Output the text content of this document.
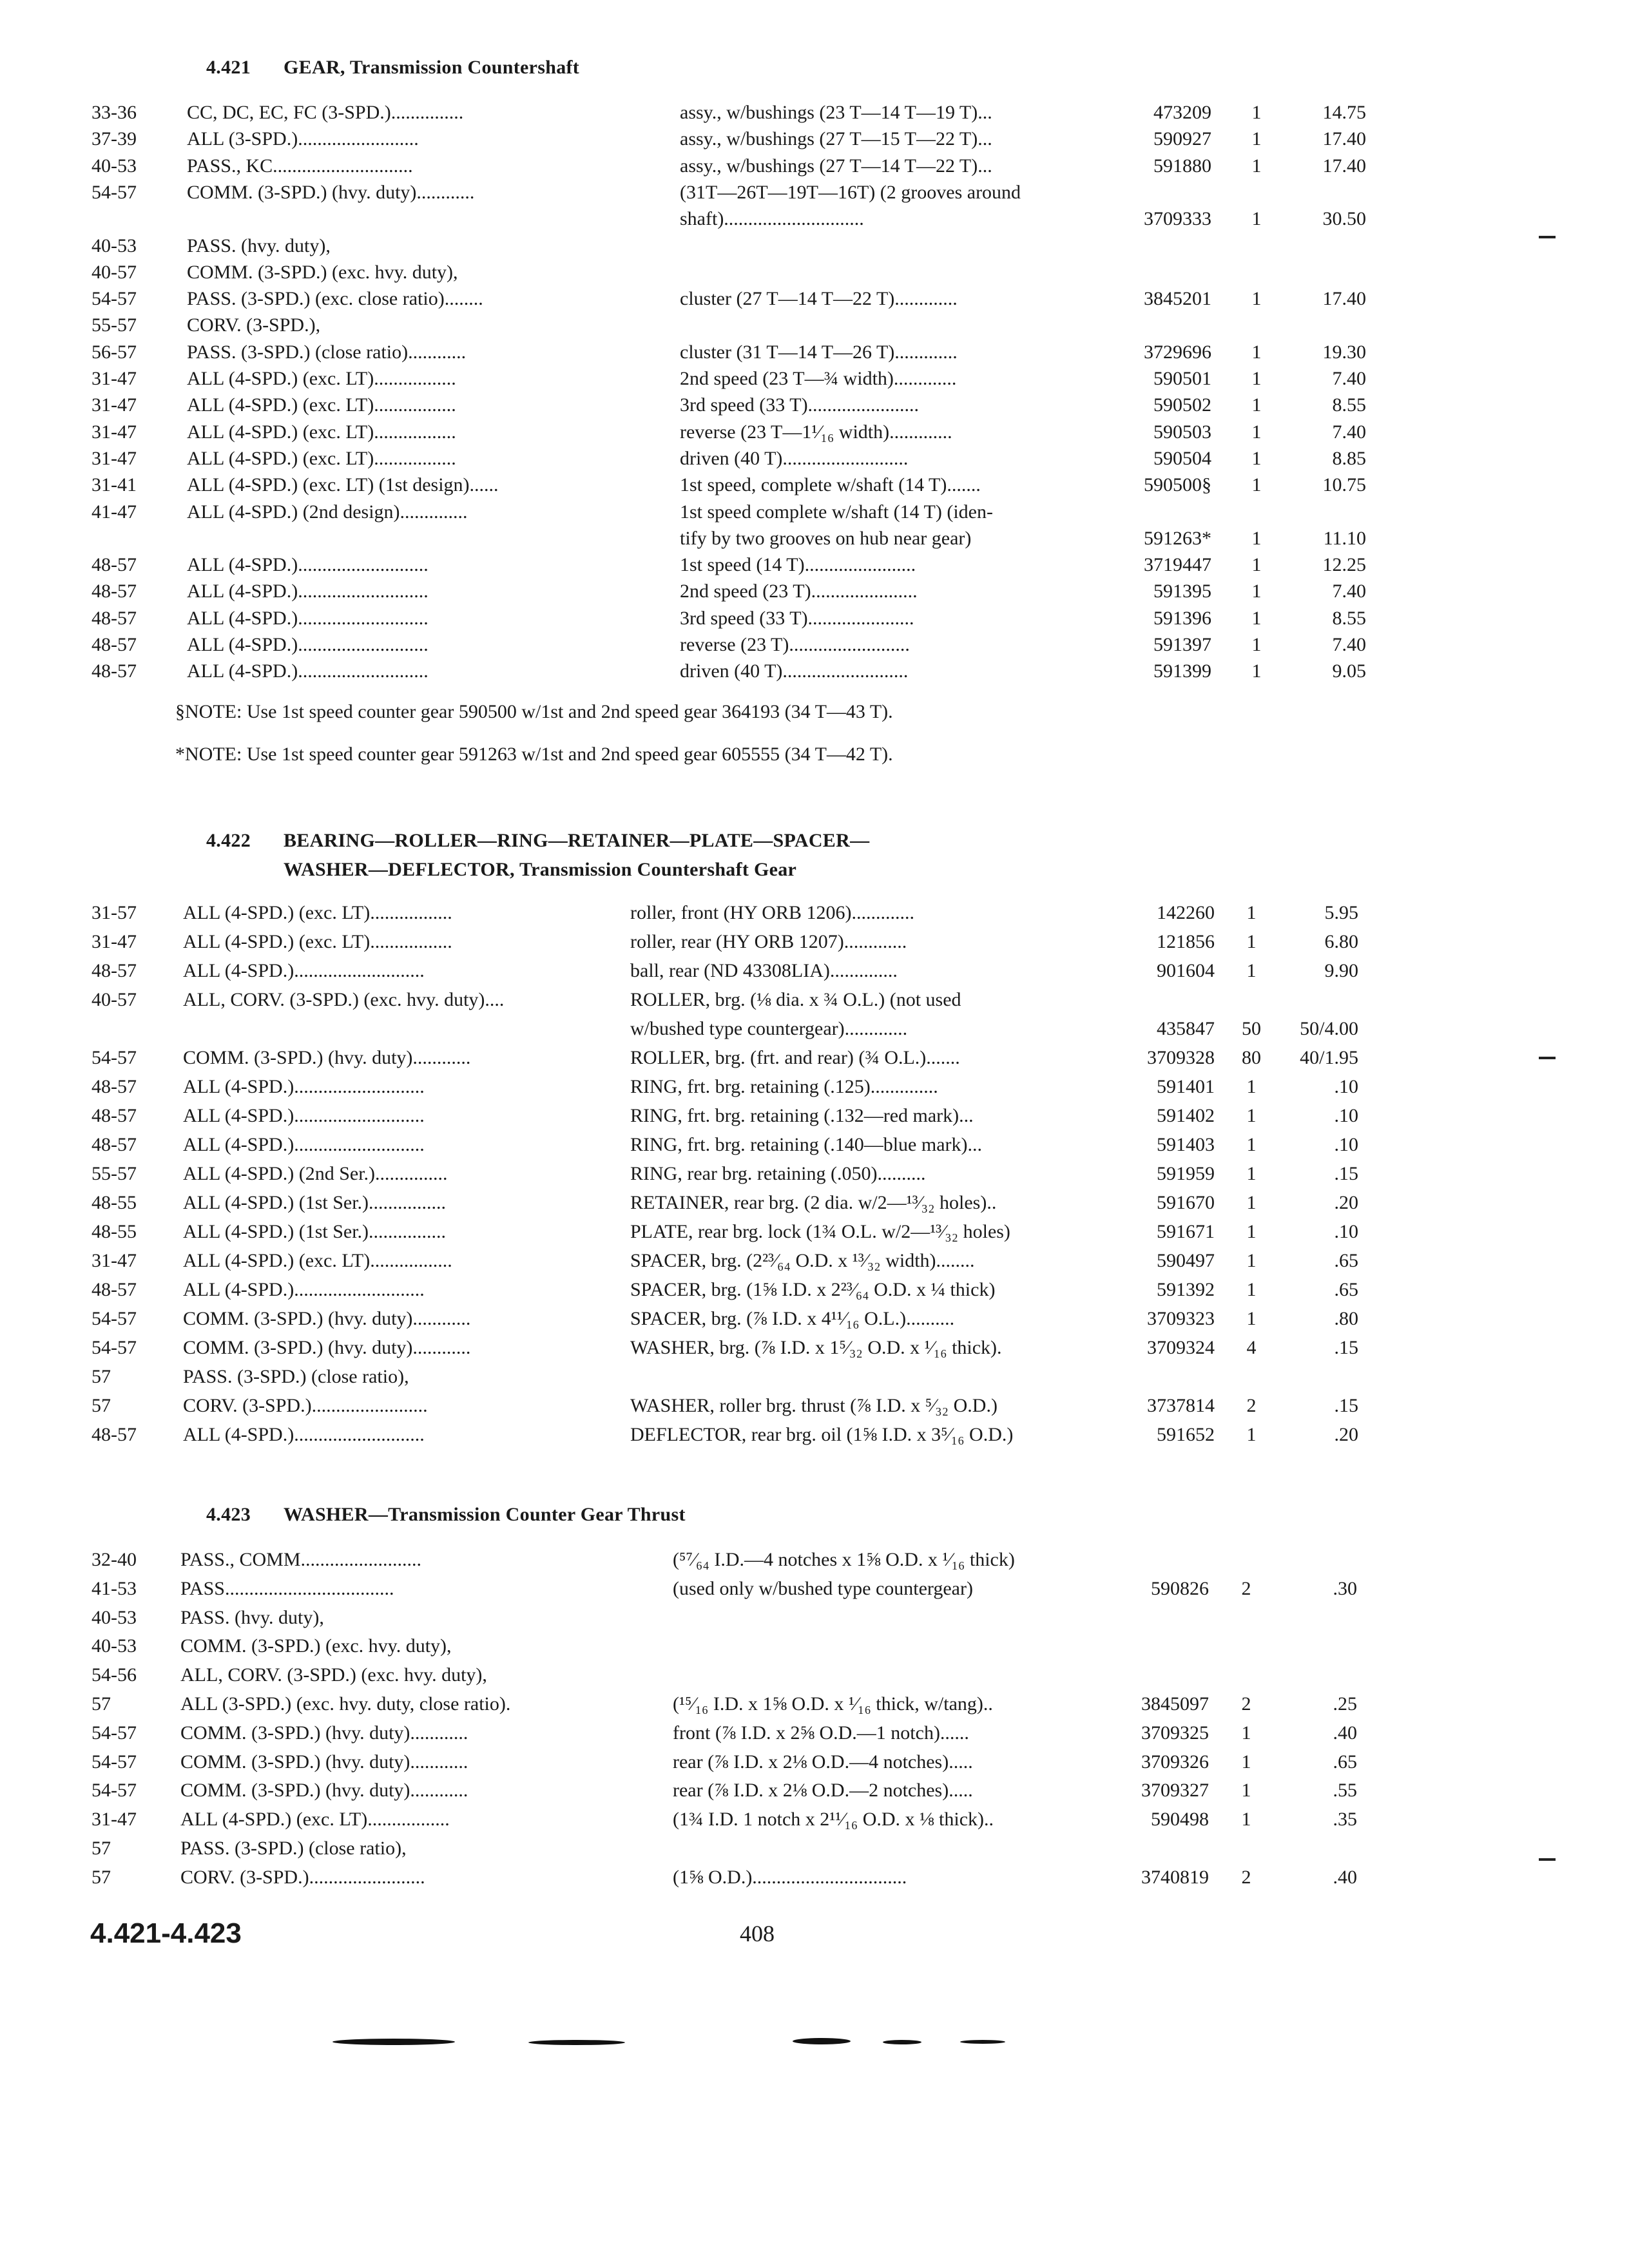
4.421 GEAR, Transmission Countershaft
33-36	CC, DC, EC, FC (3-SPD.)...............	assy., w/bushings (23 T—14 T—19 T)...	473209	1	14.75
37-39	ALL (3-SPD.).........................	assy., w/bushings (27 T—15 T—22 T)...	590927	1	17.40
40-53	PASS., KC.............................	assy., w/bushings (27 T—14 T—22 T)...	591880	1	17.40
54-57	COMM. (3-SPD.) (hvy. duty)............	(31T—26T—19T—16T) (2 grooves around
shaft).............................	3709333	1	30.50
40-53	PASS. (hvy. duty),
40-57	COMM. (3-SPD.) (exc. hvy. duty),
54-57	PASS. (3-SPD.) (exc. close ratio)........	cluster (27 T—14 T—22 T).............	3845201	1	17.40
55-57	CORV. (3-SPD.),
56-57	PASS. (3-SPD.) (close ratio)............	cluster (31 T—14 T—26 T).............	3729696	1	19.30
31-47	ALL (4-SPD.) (exc. LT).................	2nd speed (23 T—¾ width).............	590501	1	7.40
31-47	ALL (4-SPD.) (exc. LT).................	3rd speed (33 T).......................	590502	1	8.55
31-47	ALL (4-SPD.) (exc. LT).................	reverse (23 T—1¹⁄₁₆ width).............	590503	1	7.40
31-47	ALL (4-SPD.) (exc. LT).................	driven (40 T)..........................	590504	1	8.85
31-41	ALL (4-SPD.) (exc. LT) (1st design)......	1st speed, complete w/shaft (14 T).......	590500§	1	10.75
41-47	ALL (4-SPD.) (2nd design)..............	1st speed complete w/shaft (14 T) (iden-
tify by two grooves on hub near gear)	591263*	1	11.10
48-57	ALL (4-SPD.)...........................	1st speed (14 T).......................	3719447	1	12.25
48-57	ALL (4-SPD.)...........................	2nd speed (23 T)......................	591395	1	7.40
48-57	ALL (4-SPD.)...........................	3rd speed (33 T)......................	591396	1	8.55
48-57	ALL (4-SPD.)...........................	reverse (23 T).........................	591397	1	7.40
48-57	ALL (4-SPD.)...........................	driven (40 T)..........................	591399	1	9.05
§NOTE: Use 1st speed counter gear 590500 w/1st and 2nd speed gear 364193 (34 T—43 T).
*NOTE: Use 1st speed counter gear 591263 w/1st and 2nd speed gear 605555 (34 T—42 T).
4.422 BEARING—ROLLER—RING—RETAINER—PLATE—SPACER—
WASHER—DEFLECTOR, Transmission Countershaft Gear
31-57	ALL (4-SPD.) (exc. LT).................	roller, front (HY ORB 1206).............	142260	1	5.95
31-47	ALL (4-SPD.) (exc. LT).................	roller, rear (HY ORB 1207).............	121856	1	6.80
48-57	ALL (4-SPD.)...........................	ball, rear (ND 43308LIA)..............	901604	1	9.90
40-57	ALL, CORV. (3-SPD.) (exc. hvy. duty)....	ROLLER, brg. (⅛ dia. x ¾ O.L.) (not used
w/bushed type countergear).............	435847	50	50/4.00
54-57	COMM. (3-SPD.) (hvy. duty)............	ROLLER, brg. (frt. and rear) (¾ O.L.).......	3709328	80	40/1.95
48-57	ALL (4-SPD.)...........................	RING, frt. brg. retaining (.125)..............	591401	1	.10
48-57	ALL (4-SPD.)...........................	RING, frt. brg. retaining (.132—red mark)...	591402	1	.10
48-57	ALL (4-SPD.)...........................	RING, frt. brg. retaining (.140—blue mark)...	591403	1	.10
55-57	ALL (4-SPD.) (2nd Ser.)...............	RING, rear brg. retaining (.050)..........	591959	1	.15
48-55	ALL (4-SPD.) (1st Ser.)................	RETAINER, rear brg. (2 dia. w/2—¹³⁄₃₂ holes)..	591670	1	.20
48-55	ALL (4-SPD.) (1st Ser.)................	PLATE, rear brg. lock (1¾ O.L. w/2—¹³⁄₃₂ holes)	591671	1	.10
31-47	ALL (4-SPD.) (exc. LT).................	SPACER, brg. (2²³⁄₆₄ O.D. x ¹³⁄₃₂ width)........	590497	1	.65
48-57	ALL (4-SPD.)...........................	SPACER, brg. (1⅝ I.D. x 2²³⁄₆₄ O.D. x ¼ thick)	591392	1	.65
54-57	COMM. (3-SPD.) (hvy. duty)............	SPACER, brg. (⅞ I.D. x 4¹¹⁄₁₆ O.L.)..........	3709323	1	.80
54-57	COMM. (3-SPD.) (hvy. duty)............	WASHER, brg. (⅞ I.D. x 1⁵⁄₃₂ O.D. x ¹⁄₁₆ thick).	3709324	4	.15
57	PASS. (3-SPD.) (close ratio),
57	CORV. (3-SPD.)........................	WASHER, roller brg. thrust (⅞ I.D. x ⁵⁄₃₂ O.D.)	3737814	2	.15
48-57	ALL (4-SPD.)...........................	DEFLECTOR, rear brg. oil (1⅝ I.D. x 3⁵⁄₁₆ O.D.)	591652	1	.20
4.423 WASHER—Transmission Counter Gear Thrust
32-40	PASS., COMM.........................	(⁵⁷⁄₆₄ I.D.—4 notches x 1⅝ O.D. x ¹⁄₁₆ thick)
41-53	PASS...................................	(used only w/bushed type countergear)	590826	2	.30
40-53	PASS. (hvy. duty),
40-53	COMM. (3-SPD.) (exc. hvy. duty),
54-56	ALL, CORV. (3-SPD.) (exc. hvy. duty),
57	ALL (3-SPD.) (exc. hvy. duty, close ratio).	(¹⁵⁄₁₆ I.D. x 1⅝ O.D. x ¹⁄₁₆ thick, w/tang)..	3845097	2	.25
54-57	COMM. (3-SPD.) (hvy. duty)............	front (⅞ I.D. x 2⅝ O.D.—1 notch)......	3709325	1	.40
54-57	COMM. (3-SPD.) (hvy. duty)............	rear (⅞ I.D. x 2⅛ O.D.—4 notches).....	3709326	1	.65
54-57	COMM. (3-SPD.) (hvy. duty)............	rear (⅞ I.D. x 2⅛ O.D.—2 notches).....	3709327	1	.55
31-47	ALL (4-SPD.) (exc. LT).................	(1¾ I.D. 1 notch x 2¹¹⁄₁₆ O.D. x ⅛ thick)..	590498	1	.35
57	PASS. (3-SPD.) (close ratio),
57	CORV. (3-SPD.)........................	(1⅝ O.D.)................................	3740819	2	.40
4.421-4.423	408
